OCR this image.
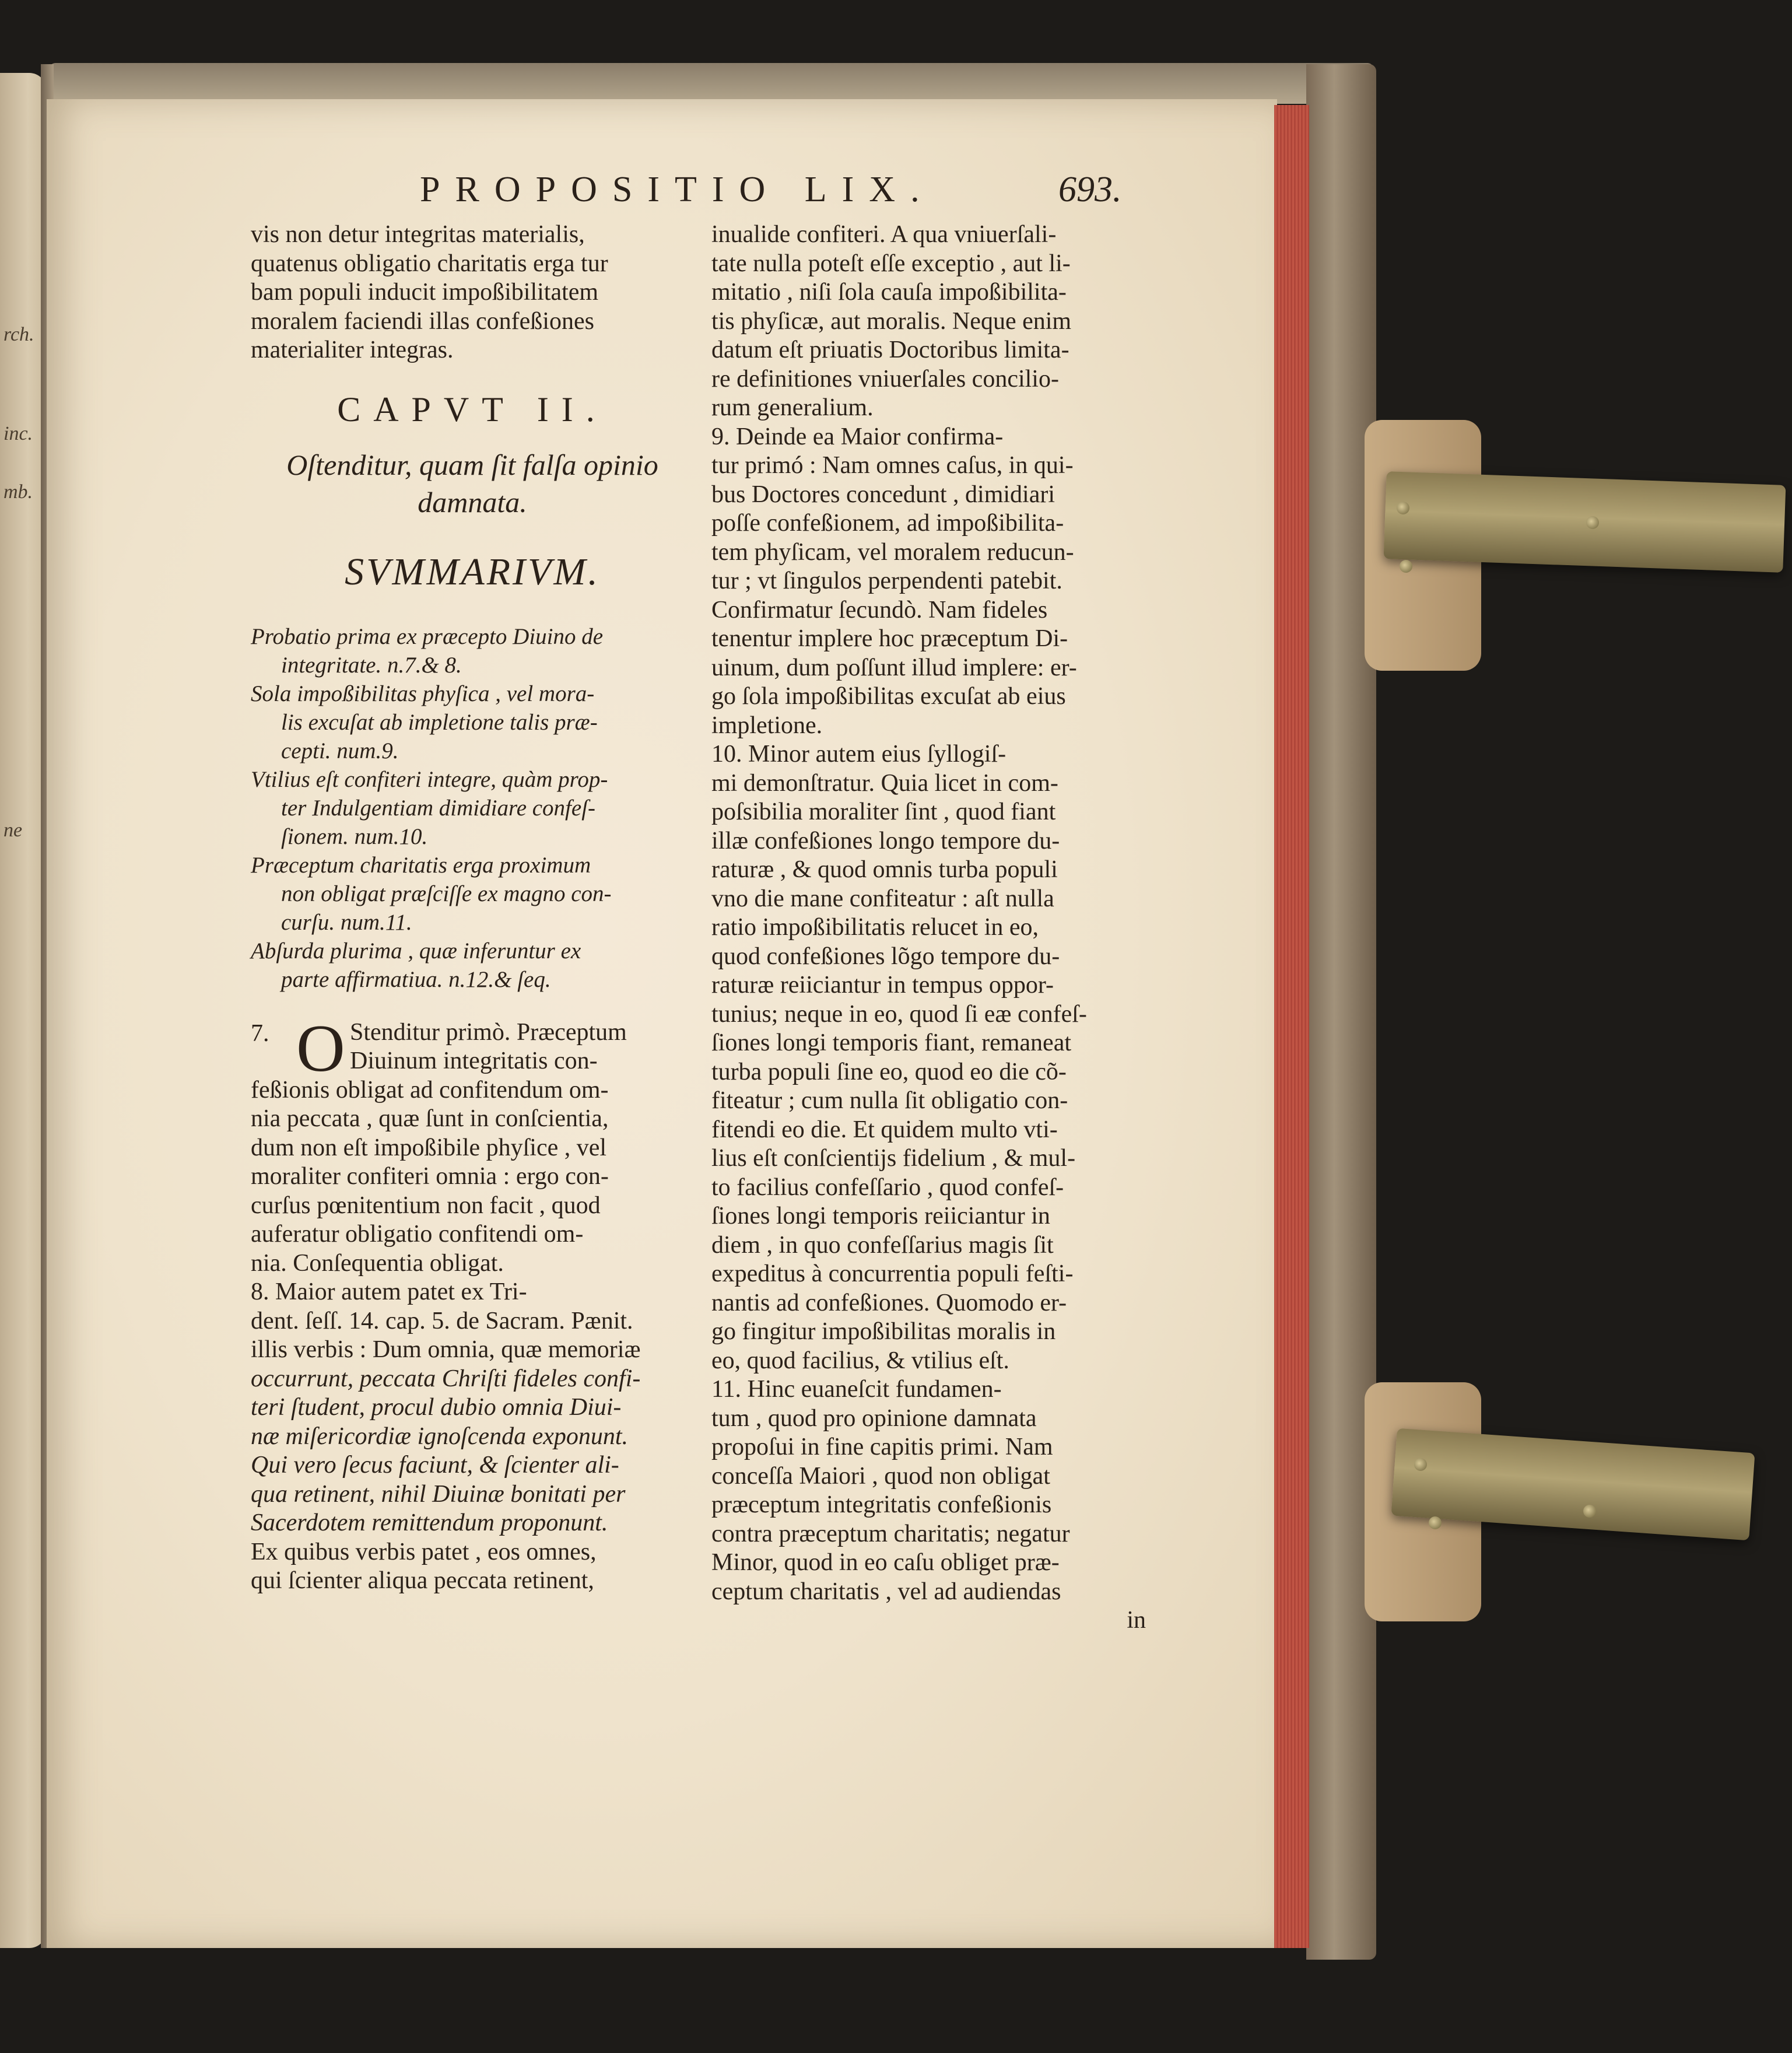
rch.
inc.
mb.
ne
PROPOSITIO LIX.	693.
vis non detur integritas materialis,
quatenus obligatio charitatis erga tur
bam populi inducit impoßibilitatem
moralem faciendi illas confeßiones
materialiter integras.
CAPVT II.
Oſtenditur, quam ſit falſa opinio
damnata.
SVMMARIVM.
Probatio prima ex præcepto Diuino de
integritate. n.7.& 8.
Sola impoßibilitas phyſica , vel mora-
lis excuſat ab impletione talis præ-
cepti. num.9.
Vtilius eſt confiteri integre, quàm prop-
ter Indulgentiam dimidiare confeſ-
ſionem. num.10.
Præceptum charitatis erga proximum
non obligat præſciſſe ex magno con-
curſu. num.11.
Abſurda plurima , quæ inferuntur ex
parte affirmatiua. n.12.& ſeq.
7. O Stenditur primò. Præceptum
Diuinum integritatis con-
feßionis obligat ad confitendum om-
nia peccata , quæ ſunt in conſcientia,
dum non eſt impoßibile phyſice , vel
moraliter confiteri omnia : ergo con-
curſus pœnitentium non facit , quod
auferatur obligatio confitendi om-
nia. Conſequentia obligat.
8. Maior autem patet ex Tri-
dent. ſeſſ. 14. cap. 5. de Sacram. Pænit.
illis verbis : Dum omnia, quæ memoriæ
occurrunt, peccata Chriſti fideles confi-
teri ſtudent, procul dubio omnia Diui-
næ miſericordiæ ignoſcenda exponunt.
Qui vero ſecus faciunt, & ſcienter ali-
qua retinent, nihil Diuinæ bonitati per
Sacerdotem remittendum proponunt.
Ex quibus verbis patet , eos omnes,
qui ſcienter aliqua peccata retinent,
inualide confiteri. A qua vniuerſali-
tate nulla poteſt eſſe exceptio , aut li-
mitatio , niſi ſola cauſa impoßibilita-
tis phyſicæ, aut moralis. Neque enim
datum eſt priuatis Doctoribus limita-
re definitiones vniuerſales concilio-
rum generalium.
9. Deinde ea Maior confirma-
tur primó : Nam omnes caſus, in qui-
bus Doctores concedunt , dimidiari
poſſe confeßionem, ad impoßibilita-
tem phyſicam, vel moralem reducun-
tur ; vt ſingulos perpendenti patebit.
Confirmatur ſecundò. Nam fideles
tenentur implere hoc præceptum Di-
uinum, dum poſſunt illud implere: er-
go ſola impoßibilitas excuſat ab eius
impletione.
10. Minor autem eius ſyllogiſ-
mi demonſtratur. Quia licet in com-
poſsibilia moraliter ſint , quod fiant
illæ confeßiones longo tempore du-
raturæ , & quod omnis turba populi
vno die mane confiteatur : aſt nulla
ratio impoßibilitatis relucet in eo,
quod confeßiones lõgo tempore du-
raturæ reiiciantur in tempus oppor-
tunius; neque in eo, quod ſi eæ confeſ-
ſiones longi temporis fiant, remaneat
turba populi ſine eo, quod eo die cõ-
fiteatur ; cum nulla ſit obligatio con-
fitendi eo die. Et quidem multo vti-
lius eſt conſcientijs fidelium , & mul-
to facilius confeſſario , quod confeſ-
ſiones longi temporis reiiciantur in
diem , in quo confeſſarius magis ſit
expeditus à concurrentia populi feſti-
nantis ad confeßiones. Quomodo er-
go fingitur impoßibilitas moralis in
eo, quod facilius, & vtilius eſt.
11. Hinc euaneſcit fundamen-
tum , quod pro opinione damnata
propoſui in fine capitis primi. Nam
conceſſa Maiori , quod non obligat
præceptum integritatis confeßionis
contra præceptum charitatis; negatur
Minor, quod in eo caſu obliget præ-
ceptum charitatis , vel ad audiendas
in
